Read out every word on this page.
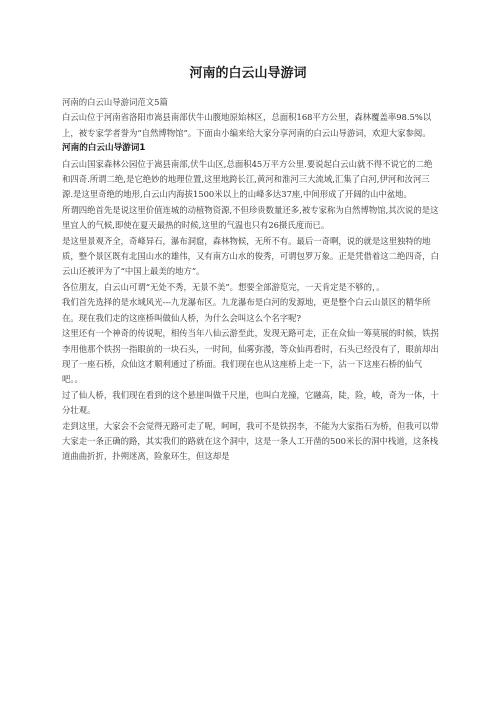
河南的白云山导游词

河南的白云山导游词范文5篇

白云山位于河南省洛阳市嵩县南部伏牛山腹地原始林区，总面积168平方公里，森林覆盖率98.5%以上，被专家学者誉为“自然博物馆”。下面由小编来给大家分享河南的白云山导游词，欢迎大家参阅。

河南的白云山导游词1

白云山国家森林公园位于嵩县南部,伏牛山区,总面积45万平方公里.要说起白云山就不得不说它的二绝和四奇.所谓二绝,是它绝妙的地理位置,这里地跨长江,黄河和淮河三大流域,汇集了白河,伊河和汝河三源.是这里奇绝的地形,白云山内海拔1500米以上的山峰多达37座,中间形成了开阔的山中盆地。

所谓四绝首先是说这里价值连城的动植物资源,不但珍贵数量还多,被专家称为自然博物馆,其次说的是这里宜人的气候,即使在夏天最热的时候,这里的气温也只有26摄氏度而已。

是这里景观齐全，奇峰异石，瀑布洞窟，森林物候，无所不有。最后一奇啊，说的就是这里独特的地质，整个景区既有北国山水的雄伟，又有南方山水的俊秀，可谓包罗万象。正是凭借着这二绝四奇，白云山还被评为了“中国上最美的地方”。

各位朋友，白云山可谓“无处不秀，无景不美”。想要全部游览完，一天肯定是不够的，。

我们首先选择的是水域风光---九龙瀑布区。九龙瀑布是白河的发源地，更是整个白云山景区的精华所在。现在我们走的这座桥叫做仙人桥，为什么会叫这么个名字呢?

这里还有一个神奇的传说呢，相传当年八仙云游至此，发现无路可走，正在众仙一筹莫展的时候，铁拐李用他那个铁拐一指眼前的一块石头，一时间，仙雾弥漫，等众仙再看时，石头已经没有了，眼前却出现了一座石桥，众仙这才顺利通过了桥面。我们现在也从这座桥上走一下，沾一下这座石桥的仙气吧。。

过了仙人桥，我们现在看到的这个悬崖叫做千尺崖，也叫白龙撞，它融高，陡，险，峻，奇为一体，十分壮观。

走到这里，大家会不会觉得无路可走了呢，呵呵，我可不是铁拐李，不能为大家指石为桥，但我可以带大家走一条正确的路，其实我们的路就在这个洞中，这是一条人工开凿的500米长的洞中栈道，这条栈道曲曲折折，扑朔迷离，险象环生，但这却是
